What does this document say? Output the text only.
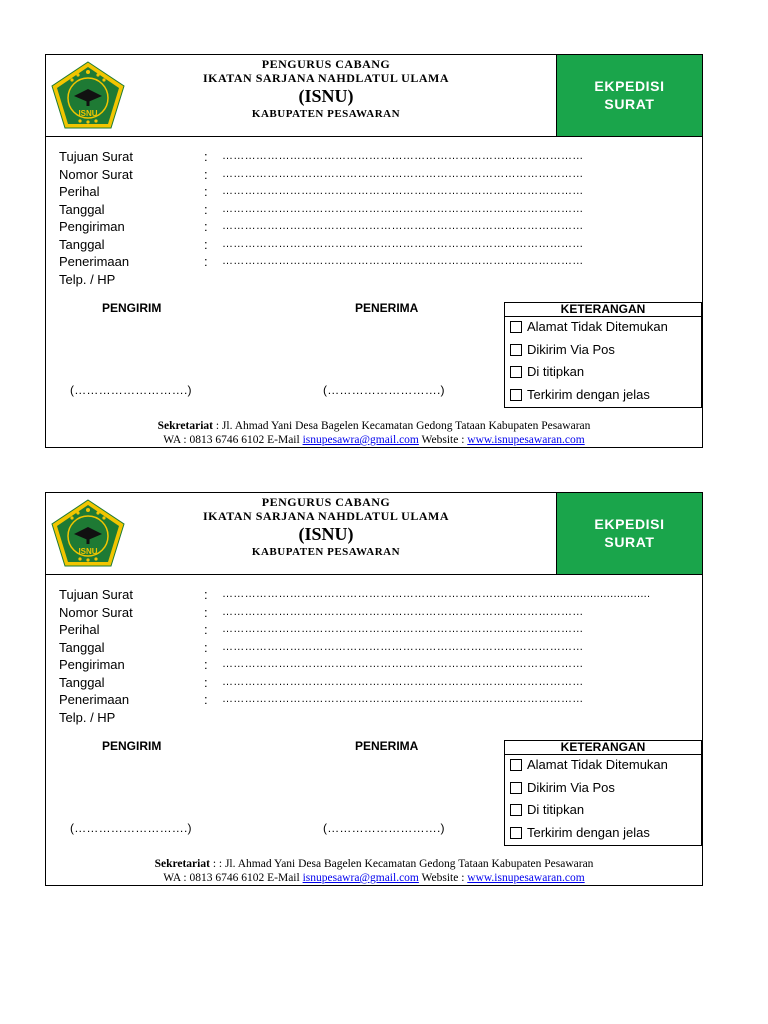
ISNU
PENGURUS CABANG
IKATAN SARJANA NAHDLATUL ULAMA
(ISNU)
KABUPATEN PESAWARAN
EKPEDISI
SURAT
Tujuan Surat	: ……………………………………………………………………………………
Nomor Surat	: ……………………………………………………………………………………
Perihal	: ……………………………………………………………………………………
Tanggal	: ……………………………………………………………………………………
Pengiriman	: ……………………………………………………………………………………
Tanggal	: ……………………………………………………………………………………
Penerimaan	: ……………………………………………………………………………………
Telp. / HP
PENGIRIM	PENERIMA
(……………………….)	(……………………….)
KETERANGAN
Alamat Tidak Ditemukan
Dikirim Via Pos
Di titipkan
Terkirim dengan jelas
Sekretariat : Jl. Ahmad Yani Desa Bagelen Kecamatan Gedong Tataan Kabupaten Pesawaran
WA : 0813 6746 6102 E-Mail isnupesawra@gmail.com Website : www.isnupesawaran.com
ISNU
PENGURUS CABANG
IKATAN SARJANA NAHDLATUL ULAMA
(ISNU)
KABUPATEN PESAWARAN
EKPEDISI
SURAT
Tujuan Surat	: ……………………………………………………………………………..............................
Nomor Surat	: ……………………………………………………………………………………
Perihal	: ……………………………………………………………………………………
Tanggal	: ……………………………………………………………………………………
Pengiriman	: ……………………………………………………………………………………
Tanggal	: ……………………………………………………………………………………
Penerimaan	: ……………………………………………………………………………………
Telp. / HP
PENGIRIM	PENERIMA
(……………………….)	(……………………….)
KETERANGAN
Alamat Tidak Ditemukan
Dikirim Via Pos
Di titipkan
Terkirim dengan jelas
Sekretariat : : Jl. Ahmad Yani Desa Bagelen Kecamatan Gedong Tataan Kabupaten Pesawaran
WA : 0813 6746 6102 E-Mail isnupesawra@gmail.com Website : www.isnupesawaran.com
